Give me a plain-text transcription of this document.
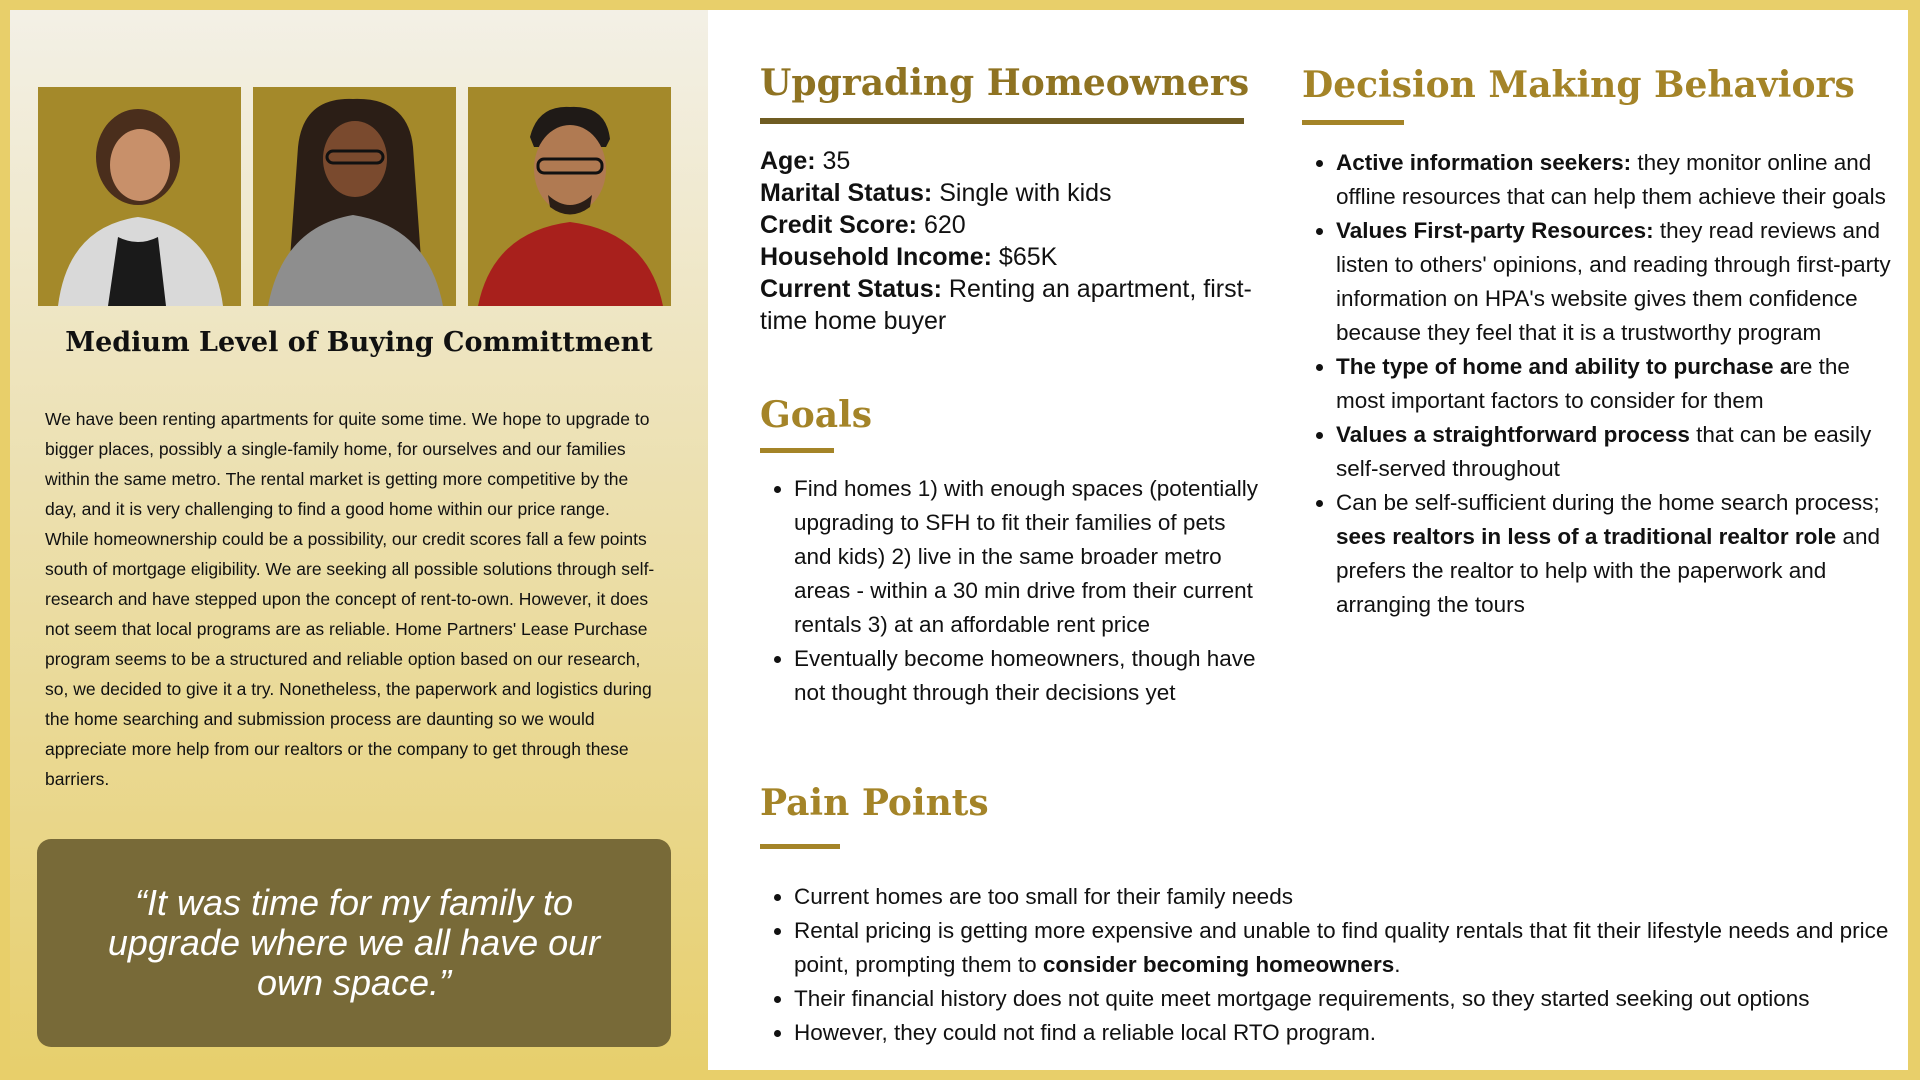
Medium Level of Buying Committment

We have been renting apartments for quite some time. We hope to upgrade to bigger places, possibly a single-family home, for ourselves and our families within the same metro. The rental market is getting more competitive by the day, and it is very challenging to find a good home within our price range. While homeownership could be a possibility, our credit scores fall a few points south of mortgage eligibility. We are seeking all possible solutions through self-research and have stepped upon the concept of rent-to-own. However, it does not seem that local programs are as reliable. Home Partners' Lease Purchase program seems to be a structured and reliable option based on our research, so, we decided to give it a try. Nonetheless, the paperwork and logistics during the home searching and submission process are daunting so we would appreciate more help from our realtors or the company to get through these barriers.

“It was time for my family to upgrade where we all have our own space.”

Upgrading Homeowners
Age: 35
Marital Status: Single with kids
Credit Score: 620
Household Income: $65K
Current Status: Renting an apartment, first-time home buyer
Goals
• Find homes 1) with enough spaces (potentially upgrading to SFH to fit their families of pets and kids) 2) live in the same broader metro areas - within a 30 min drive from their current rentals 3) at an affordable rent price
• Eventually become homeowners, though have not thought through their decisions yet
Pain Points
• Current homes are too small for their family needs
• Rental pricing is getting more expensive and unable to find quality rentals that fit their lifestyle needs and price point, prompting them to consider becoming homeowners.
• Their financial history does not quite meet mortgage requirements, so they started seeking out options
• However, they could not find a reliable local RTO program.
Decision Making Behaviors
• Active information seekers: they monitor online and offline resources that can help them achieve their goals
• Values First-party Resources: they read reviews and listen to others' opinions, and reading through first-party information on HPA's website gives them confidence because they feel that it is a trustworthy program
• The type of home and ability to purchase are the most important factors to consider for them
• Values a straightforward process that can be easily self-served throughout
• Can be self-sufficient during the home search process; sees realtors in less of a traditional realtor role and prefers the realtor to help with the paperwork and arranging the tours
